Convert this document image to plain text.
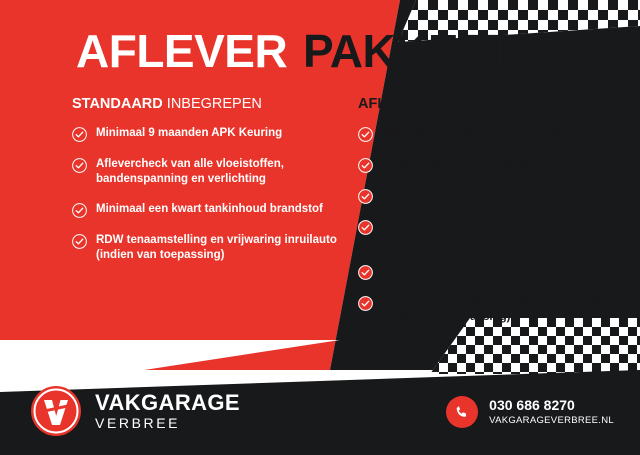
AFLEVER PAKKETTEN
STANDAARD INBEGREPEN
Minimaal 9 maanden APK Keuring
Aflevercheck van alle vloeistoffen, bandenspanning en verlichting
Minimaal een kwart tankinhoud brandstof
RDW tenaamstelling en vrijwaring inruilauto (indien van toepassing)
AFLEVERPAKKET €795
Minimaal 12 maanden APK Keuring
12 maanden Bovag garantie
Onderhoudsbeurt volgens dealerspecificaties
12 mnd/10.000km onderhoudsvrij rijden inclusief vervangen versleten onderdelen
Minimaal een kwart tankinhoud brandstof
RDW tenaamstelling en vrijwaring inruilauto (indien van toepassing)
VAKGARAGE
VERBREE
030 686 8270
VAKGARAGEVERBREE.NL
